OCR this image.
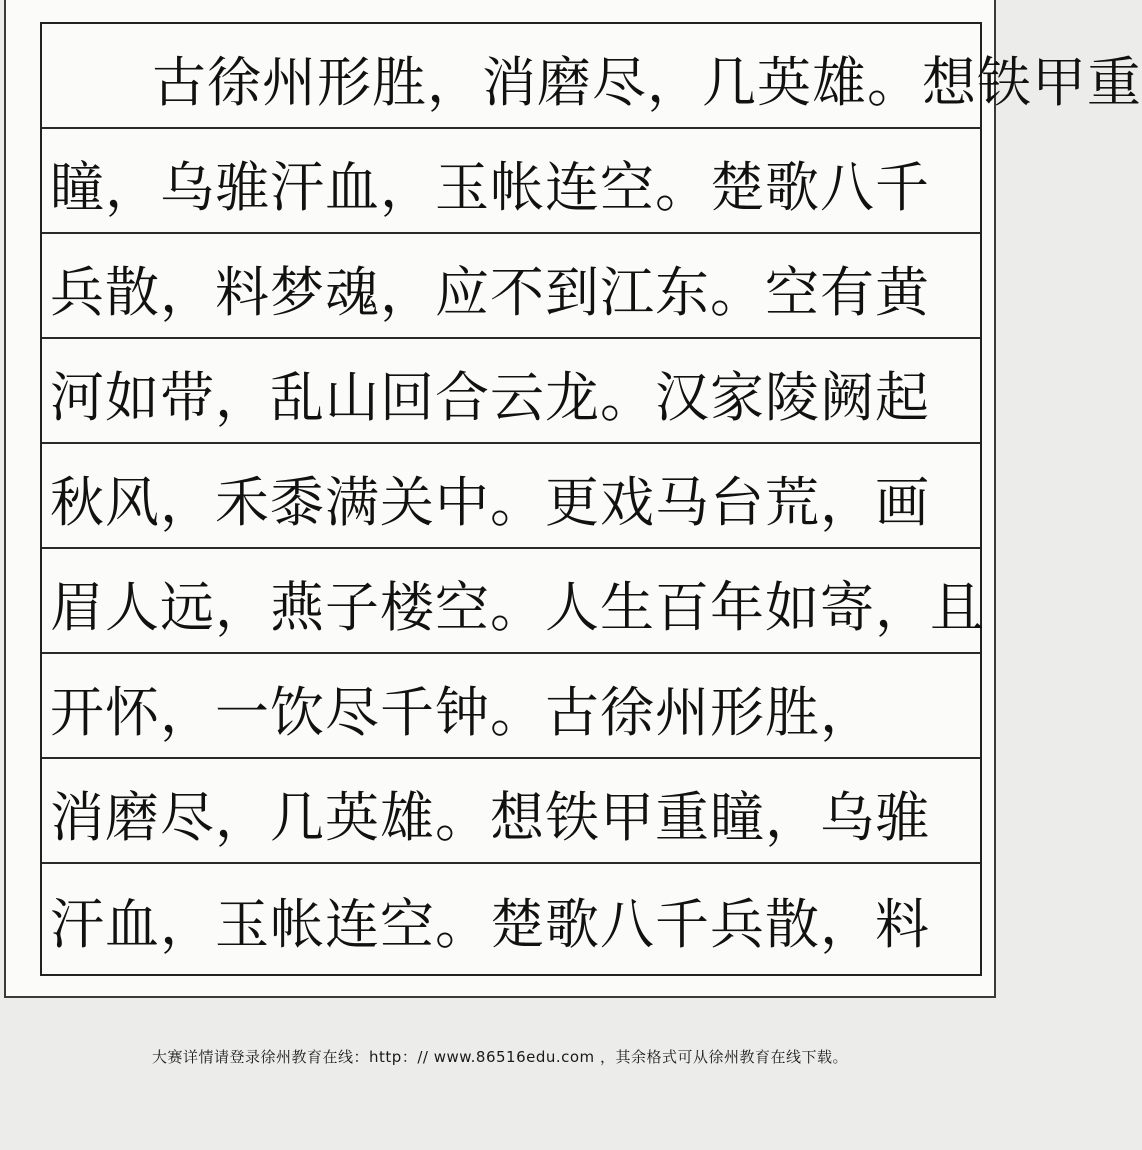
古徐州形胜，消磨尽，几英雄。想铁甲重
瞳，乌骓汗血，玉帐连空。楚歌八千
兵散，料梦魂，应不到江东。空有黄
河如带，乱山回合云龙。汉家陵阙起
秋风，禾黍满关中。更戏马台荒，画
眉人远，燕子楼空。人生百年如寄，且
开怀，一饮尽千钟。古徐州形胜，
消磨尽，几英雄。想铁甲重瞳，乌骓
汗血，玉帐连空。楚歌八千兵散，料
大赛详情请登录徐州教育在线：http：// www.86516edu.com ，其余格式可从徐州教育在线下载。
